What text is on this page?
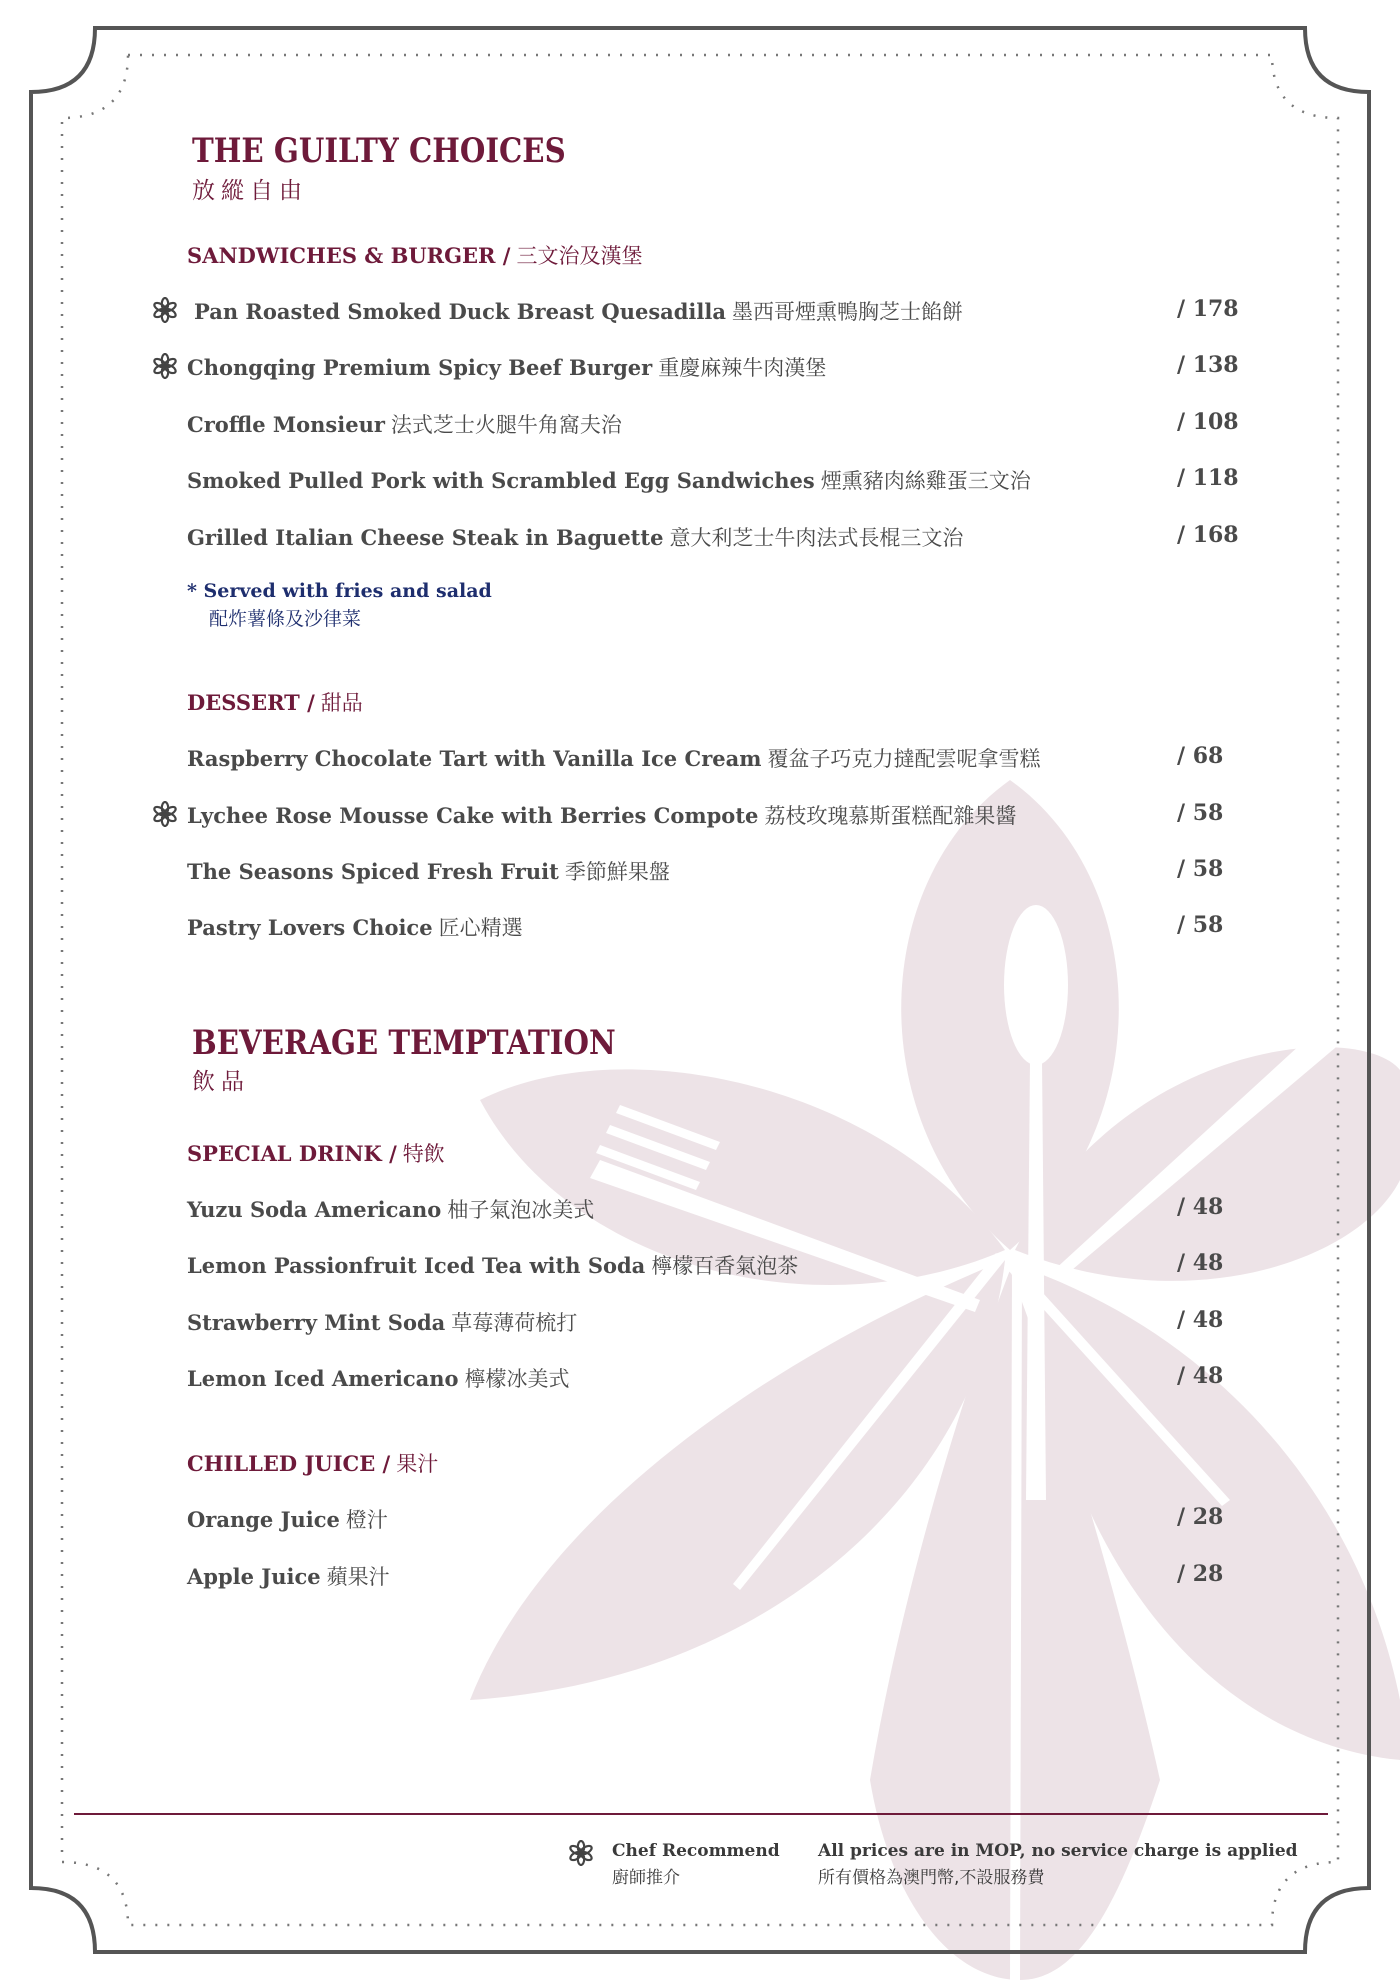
THE GUILTY CHOICES
放縱自由
SANDWICHES & BURGER / 三文治及漢堡
Pan Roasted Smoked Duck Breast Quesadilla 墨西哥煙熏鴨胸芝士餡餅	/ 178
Chongqing Premium Spicy Beef Burger 重慶麻辣牛肉漢堡	/ 138
Croffle Monsieur 法式芝士火腿牛角窩夫治	/ 108
Smoked Pulled Pork with Scrambled Egg Sandwiches 煙熏豬肉絲雞蛋三文治	/ 118
Grilled Italian Cheese Steak in Baguette 意大利芝士牛肉法式長棍三文治	/ 168
* Served with fries and salad
配炸薯條及沙律菜
DESSERT / 甜品
Raspberry Chocolate Tart with Vanilla Ice Cream 覆盆子巧克力撻配雲呢拿雪糕	/ 68
Lychee Rose Mousse Cake with Berries Compote 荔枝玫瑰慕斯蛋糕配雜果醬	/ 58
The Seasons Spiced Fresh Fruit 季節鮮果盤	/ 58
Pastry Lovers Choice 匠心精選	/ 58
BEVERAGE TEMPTATION
飲品
SPECIAL DRINK / 特飲
Yuzu Soda Americano 柚子氣泡冰美式	/ 48
Lemon Passionfruit Iced Tea with Soda 檸檬百香氣泡茶	/ 48
Strawberry Mint Soda 草莓薄荷梳打	/ 48
Lemon Iced Americano 檸檬冰美式	/ 48
CHILLED JUICE / 果汁
Orange Juice 橙汁	/ 28
Apple Juice 蘋果汁	/ 28
Chef Recommend
廚師推介
All prices are in MOP, no service charge is applied
所有價格為澳門幣,不設服務費
